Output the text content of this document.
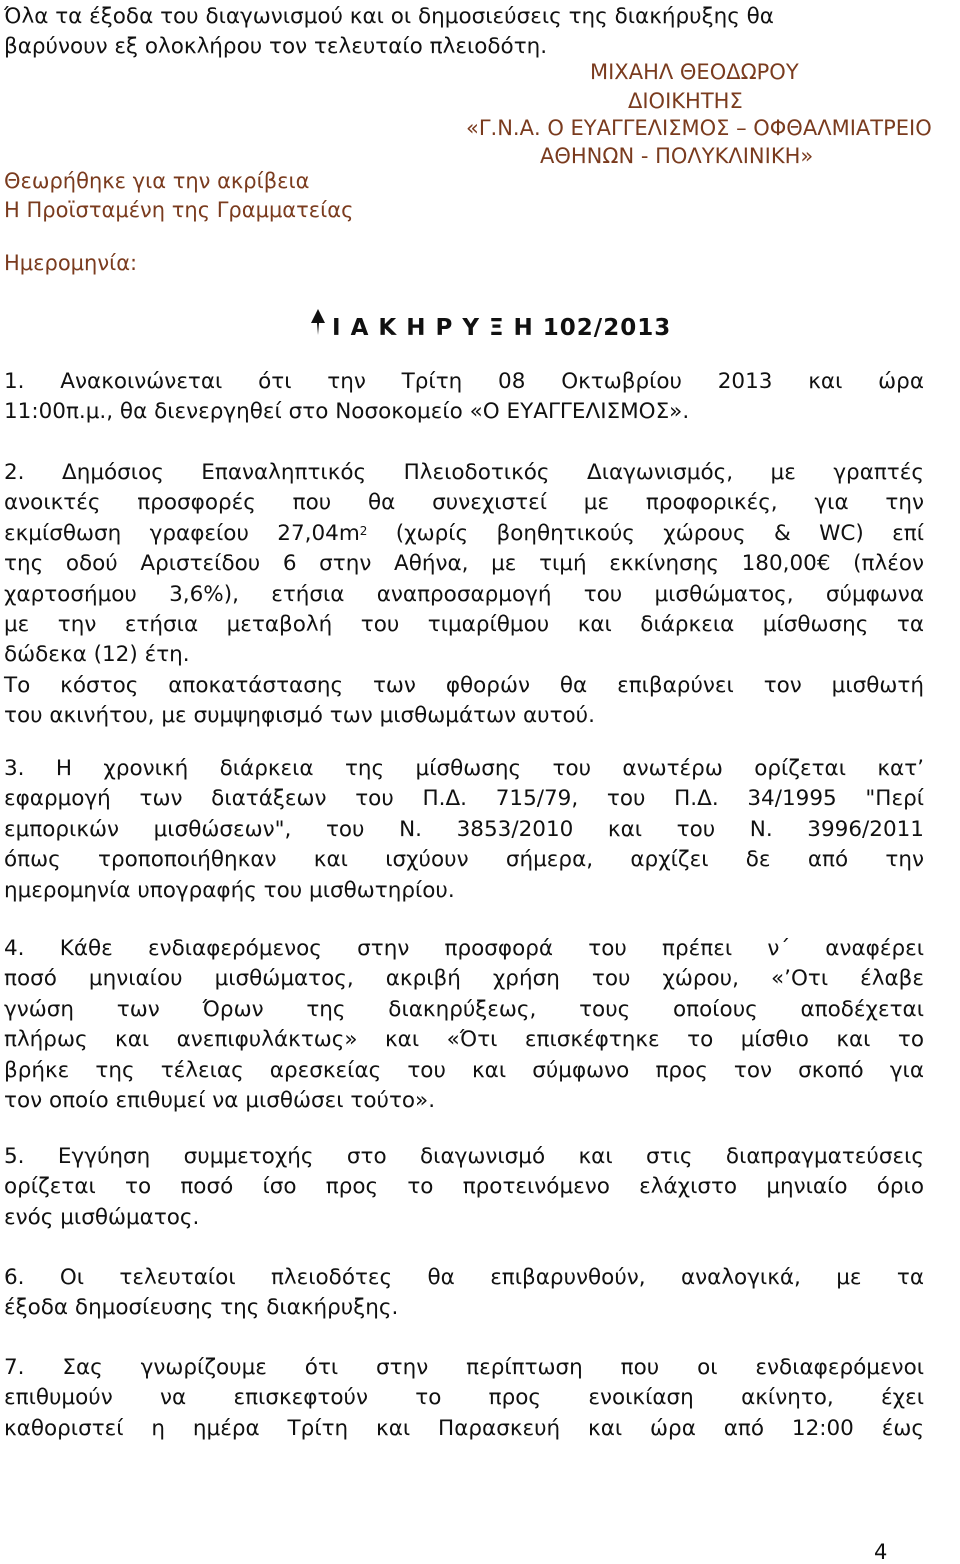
Όλα τα έξοδα του διαγωνισμού και οι δημοσιεύσεις της διακήρυξης θα
βαρύνουν εξ ολοκλήρου τον τελευταίο πλειοδότη.
ΜΙΧΑΗΛ ΘΕΟΔΩΡΟΥ
ΔΙΟΙΚΗΤΗΣ
«Γ.Ν.Α. Ο ΕΥΑΓΓΕΛΙΣΜΟΣ – ΟΦΘΑΛΜΙΑΤΡΕΙΟ
ΑΘΗΝΩΝ - ΠΟΛΥΚΛΙΝΙΚΗ»
Θεωρήθηκε για την ακρίβεια
Η Προϊσταμένη της Γραμματείας
Ημερομηνία:
Ι Α Κ Η Ρ Υ Ξ Η 102/2013
1. Ανακοινώνεται ότι την Τρίτη 08 Οκτωβρίου 2013 και ώρα
11:00π.μ., θα διενεργηθεί στο Νοσοκομείο «Ο ΕΥΑΓΓΕΛΙΣΜΟΣ».
2. Δημόσιος Επαναληπτικός Πλειοδοτικός Διαγωνισμός, με γραπτές
ανοικτές προσφορές που θα συνεχιστεί με προφορικές, για την
εκμίσθωση γραφείου $27,04m^2$ (χωρίς βοηθητικούς χώρους & WC) επί
της οδού Αριστείδου 6 στην Αθήνα, με τιμή εκκίνησης 180,00€ (πλέον
χαρτοσήμου 3,6%), ετήσια αναπροσαρμογή του μισθώματος, σύμφωνα
με την ετήσια μεταβολή του τιμαρίθμου και διάρκεια μίσθωσης τα
δώδεκα (12) έτη.
Το κόστος αποκατάστασης των φθορών θα επιβαρύνει τον μισθωτή
του ακινήτου, με συμψηφισμό των μισθωμάτων αυτού.
3. Η χρονική διάρκεια της μίσθωσης του ανωτέρω ορίζεται κατ’
εφαρμογή των διατάξεων του Π.Δ. 715/79, του Π.Δ. 34/1995 "Περί
εμπορικών μισθώσεων", του Ν. 3853/2010 και του Ν. 3996/2011
όπως τροποποιήθηκαν και ισχύουν σήμερα, αρχίζει δε από την
ημερομηνία υπογραφής του μισθωτηρίου.
4. Κάθε ενδιαφερόμενος στην προσφορά του πρέπει ν΄ αναφέρει
ποσό μηνιαίου μισθώματος, ακριβή χρήση του χώρου, «’Οτι έλαβε
γνώση των Όρων της διακηρύξεως, τους οποίους αποδέχεται
πλήρως και ανεπιφυλάκτως» και «Ότι επισκέφτηκε το μίσθιο και το
βρήκε της τέλειας αρεσκείας του και σύμφωνο προς τον σκοπό για
τον οποίο επιθυμεί να μισθώσει τούτο».
5. Εγγύηση συμμετοχής στο διαγωνισμό και στις διαπραγματεύσεις
ορίζεται το ποσό ίσο προς το προτεινόμενο ελάχιστο μηνιαίο όριο
ενός μισθώματος.
6. Οι τελευταίοι πλειοδότες θα επιβαρυνθούν, αναλογικά, με τα
έξοδα δημοσίευσης της διακήρυξης.
7. Σας γνωρίζουμε ότι στην περίπτωση που οι ενδιαφερόμενοι
επιθυμούν να επισκεφτούν το προς ενοικίαση ακίνητο, έχει
καθοριστεί η ημέρα Τρίτη και Παρασκευή και ώρα από 12:00 έως
4
